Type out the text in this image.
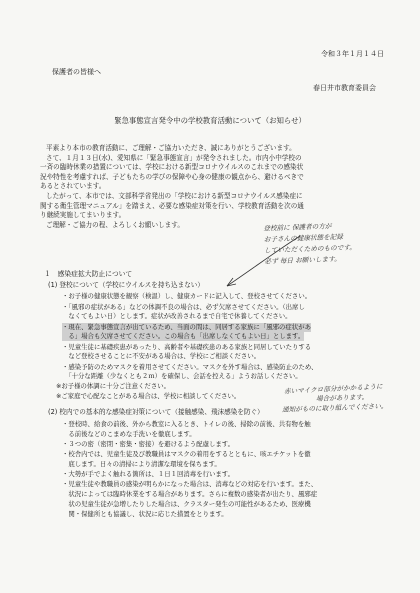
令和３年１月１４日
保護者の皆様へ
春日井市教育委員会
緊急事態宣言発令中の学校教育活動について（お知らせ）

平素より本市の教育活動に、ご理解・ご協力いただき、誠にありがとうございます。

さて、１月１３日(水)、愛知県に「緊急事態宣言」が発令されました。市内小中学校の

一斉の臨時休業の措置については、学校における新型コロナウイルスのこれまでの感染状

況や特性を考慮すれば、子どもたちの学びの保障や心身の健康の観点から、避けるべきで

あるとされています。

したがって、本市では、文部科学省発出の「学校における新型コロナウイルス感染症に

関する衛生管理マニュアル」を踏まえ、必要な感染症対策を行い、学校教育活動を次の通

り継続実施してまいります。

ご理解・ご協力の程、よろしくお願いします。	登校前に 保護者の方が
お子さんの健康状態を記録
していただくためのものです。
必ず 毎日 お願いします。
１　感染症拡大防止について
(1) 登校について（学校にウイルスを持ち込まない）
・お子様の健康状態を観察（検温）し、健康カードに記入して、登校させてください。
・「風邪の症状がある」などの体調不良の場合は、必ず欠席させてください。（出席し
　なくてもよい日）とします。症状が改善されるまで自宅で休養してください。
・現在、緊急事態宣言が出ているため、当面の間は、同居する家族に「風邪の症状があ
　る」場合も欠席させてください。この場合も「出席しなくてもよい日」とします。
・児童生徒に基礎疾患があったり、高齢者や基礎疾患のある家族と同居していたりする
　など登校させることに不安がある場合は、学校にご相談ください。
・感染予防のためマスクを着用させてください。マスクを外す場合は、感染防止のため、
　「十分な距離（少なくとも２ｍ）を確保し、会話を控える」ようお話しください。
※お子様の体調に十分ご注意ください。
※ご家庭で心配なことがある場合は、学校に相談してください。
(2) 校内での基本的な感染症対策について（接触感染、飛沫感染を防ぐ）
・登校時、給食の前後、外から教室に入るとき、トイレの後、掃除の前後、共有物を触
　る前後などのこまめな手洗いを徹底します。
・３つの密（密閉・密集・密接）を避けるよう配慮します。
・校舎内では、児童生徒及び教職員はマスクの着用をするとともに、咳エチケットを徹
　底します。日々の清掃により清潔な環境を保ちます。
・大勢が手でよく触れる箇所は、１日１回消毒を行います。
・児童生徒や教職員の感染が明らかになった場合は、消毒などの対応を行います。また、
　状況によっては臨時休業をする場合があります。さらに複数の感染者が出たり、風邪症
　状の児童生徒が急増したりした場合は、クラスター発生の可能性があるため、医療機
　関・保健所とも協議し、状況に応じた措置をとります。
赤いマイクロ部分がかかるように
場合があります。
通知がものに取り組んでください。
